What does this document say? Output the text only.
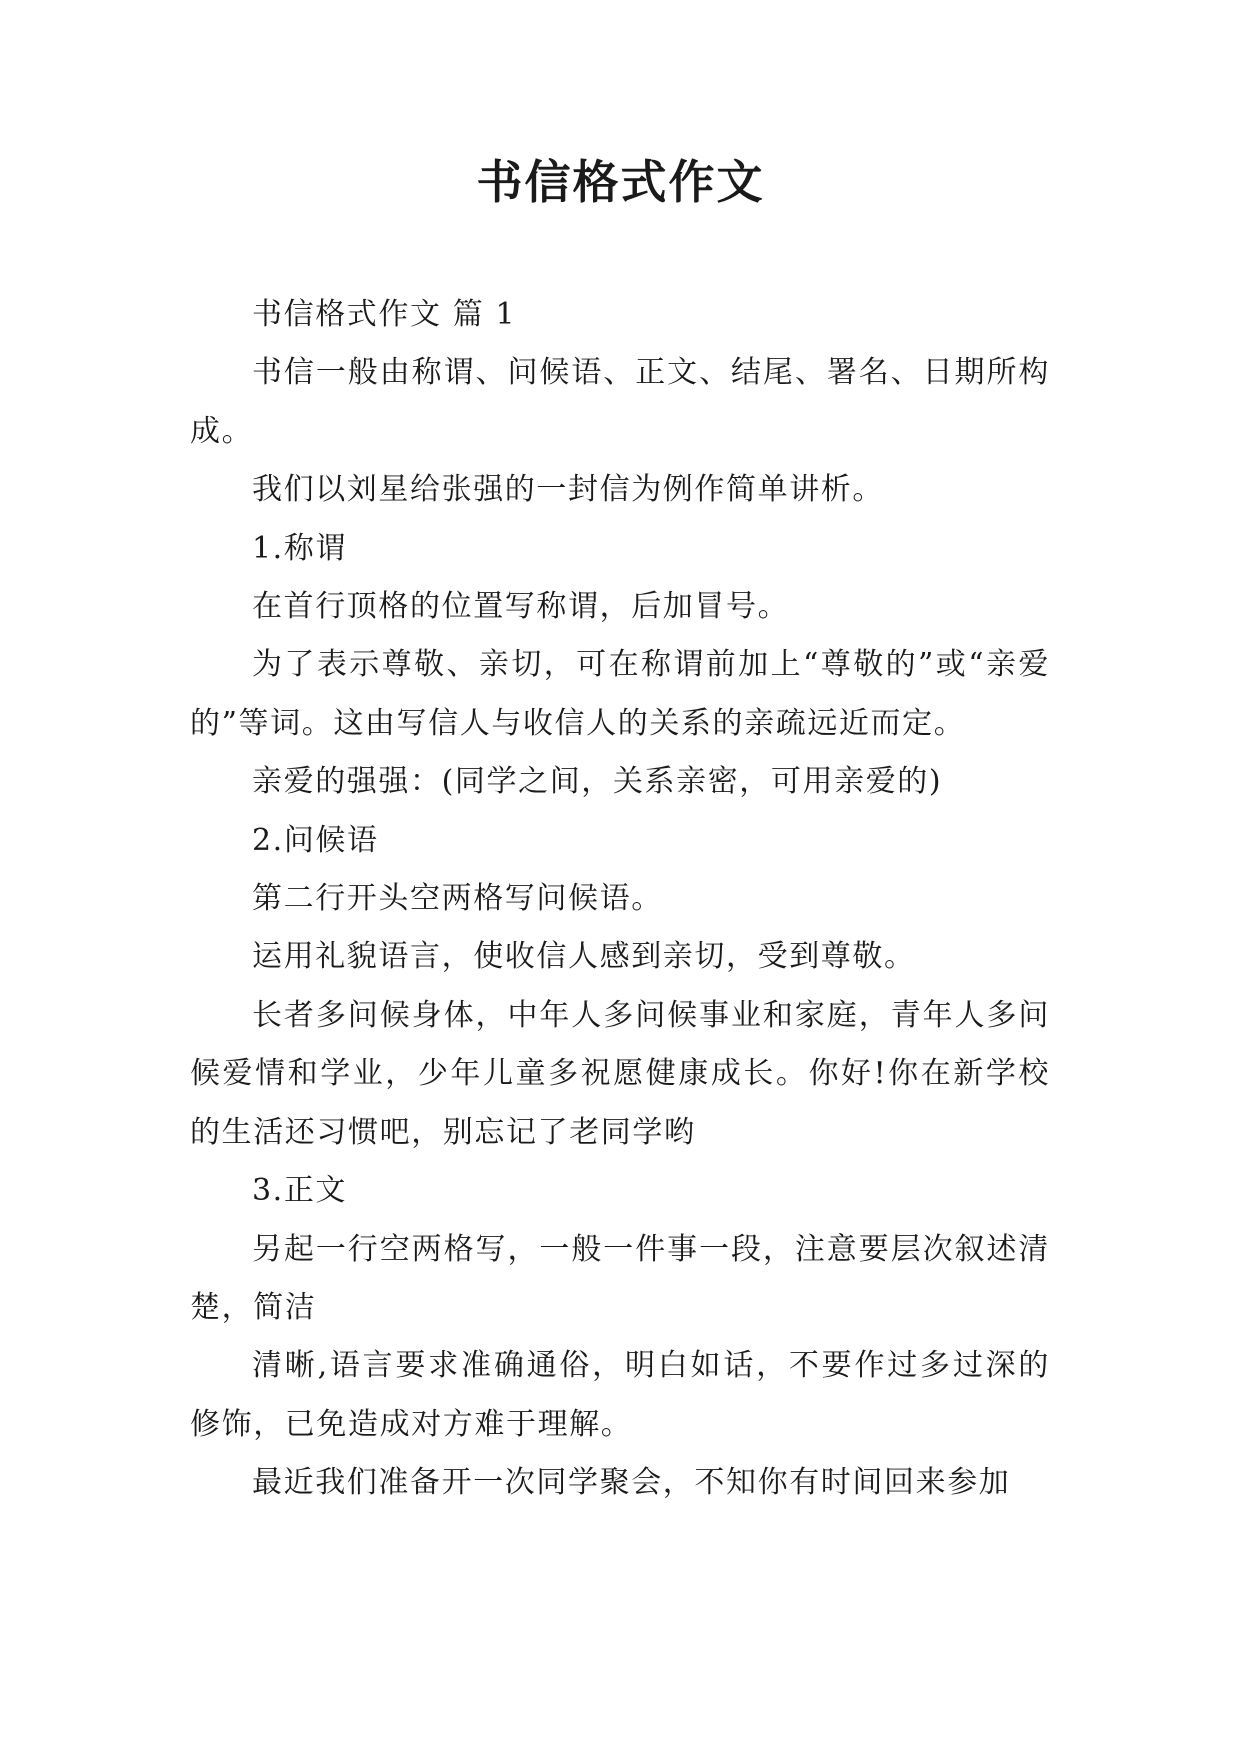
书信格式作文

书信格式作文 篇 1

书信一般由称谓、问候语、正文、结尾、署名、日期所构成。

我们以刘星给张强的一封信为例作简单讲析。

1.称谓

在首行顶格的位置写称谓，后加冒号。

为了表示尊敬、亲切，可在称谓前加上“尊敬的”或“亲爱的”等词。这由写信人与收信人的关系的亲疏远近而定。

亲爱的强强：(同学之间，关系亲密，可用亲爱的)

2.问候语

第二行开头空两格写问候语。

运用礼貌语言，使收信人感到亲切，受到尊敬。

长者多问候身体，中年人多问候事业和家庭，青年人多问候爱情和学业，少年儿童多祝愿健康成长。你好!你在新学校的生活还习惯吧，别忘记了老同学哟

3.正文

另起一行空两格写，一般一件事一段，注意要层次叙述清楚，简洁

清晰,语言要求准确通俗，明白如话，不要作过多过深的修饰，已免造成对方难于理解。

最近我们准备开一次同学聚会，不知你有时间回来参加
